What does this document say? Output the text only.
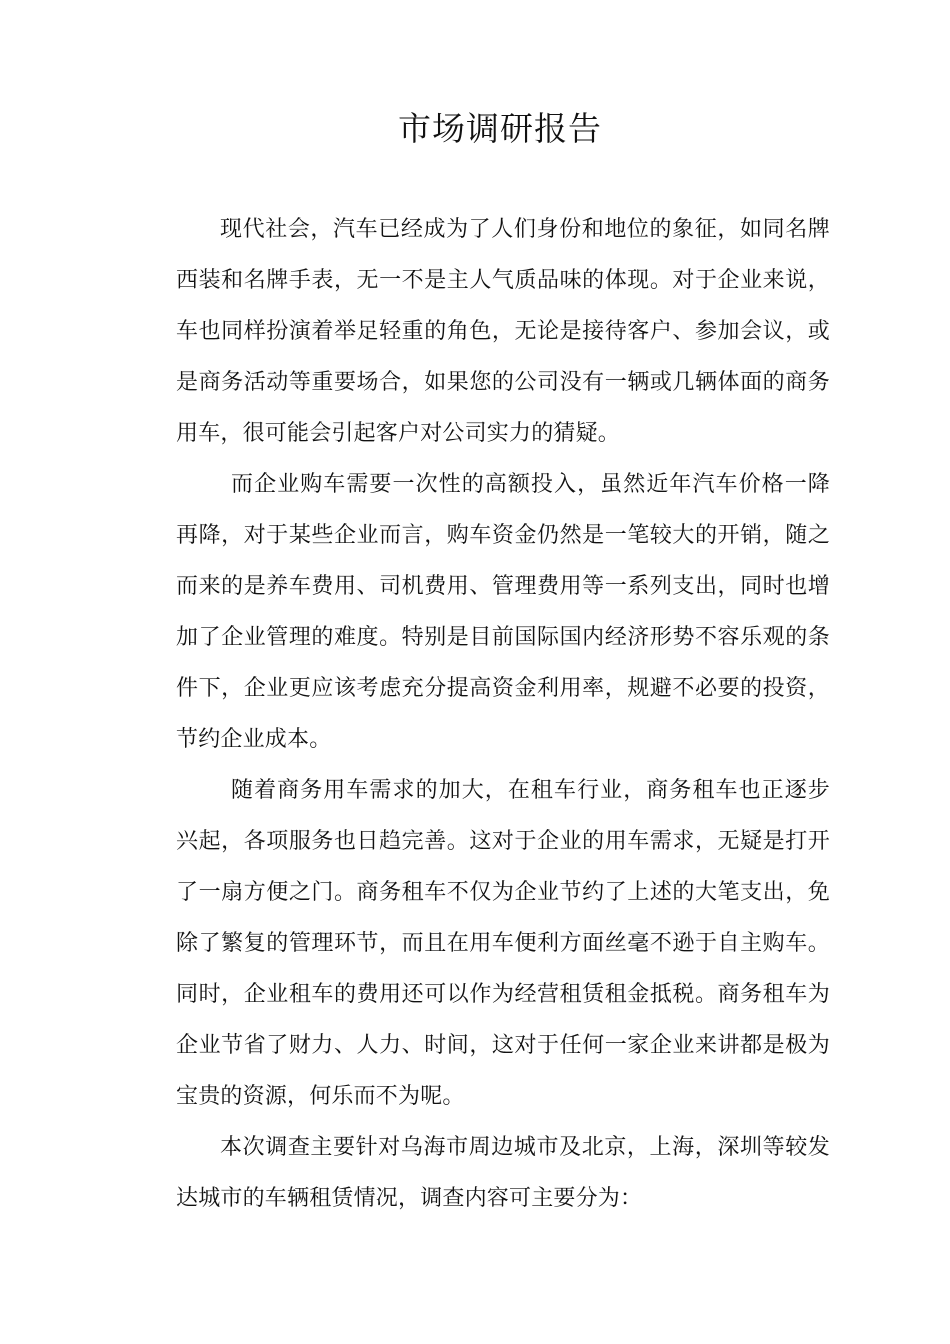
市场调研报告

现代社会，汽车已经成为了人们身份和地位的象征，如同名牌西装和名牌手表，无一不是主人气质品味的体现。对于企业来说，车也同样扮演着举足轻重的角色，无论是接待客户、参加会议，或是商务活动等重要场合，如果您的公司没有一辆或几辆体面的商务用车，很可能会引起客户对公司实力的猜疑。

而企业购车需要一次性的高额投入，虽然近年汽车价格一降再降，对于某些企业而言，购车资金仍然是一笔较大的开销，随之而来的是养车费用、司机费用、管理费用等一系列支出，同时也增加了企业管理的难度。特别是目前国际国内经济形势不容乐观的条件下，企业更应该考虑充分提高资金利用率，规避不必要的投资，节约企业成本。

随着商务用车需求的加大，在租车行业，商务租车也正逐步兴起，各项服务也日趋完善。这对于企业的用车需求，无疑是打开了一扇方便之门。商务租车不仅为企业节约了上述的大笔支出，免除了繁复的管理环节，而且在用车便利方面丝毫不逊于自主购车。同时，企业租车的费用还可以作为经营租赁租金抵税。商务租车为企业节省了财力、人力、时间，这对于任何一家企业来讲都是极为宝贵的资源，何乐而不为呢。

本次调查主要针对乌海市周边城市及北京，上海，深圳等较发达城市的车辆租赁情况，调查内容可主要分为：
